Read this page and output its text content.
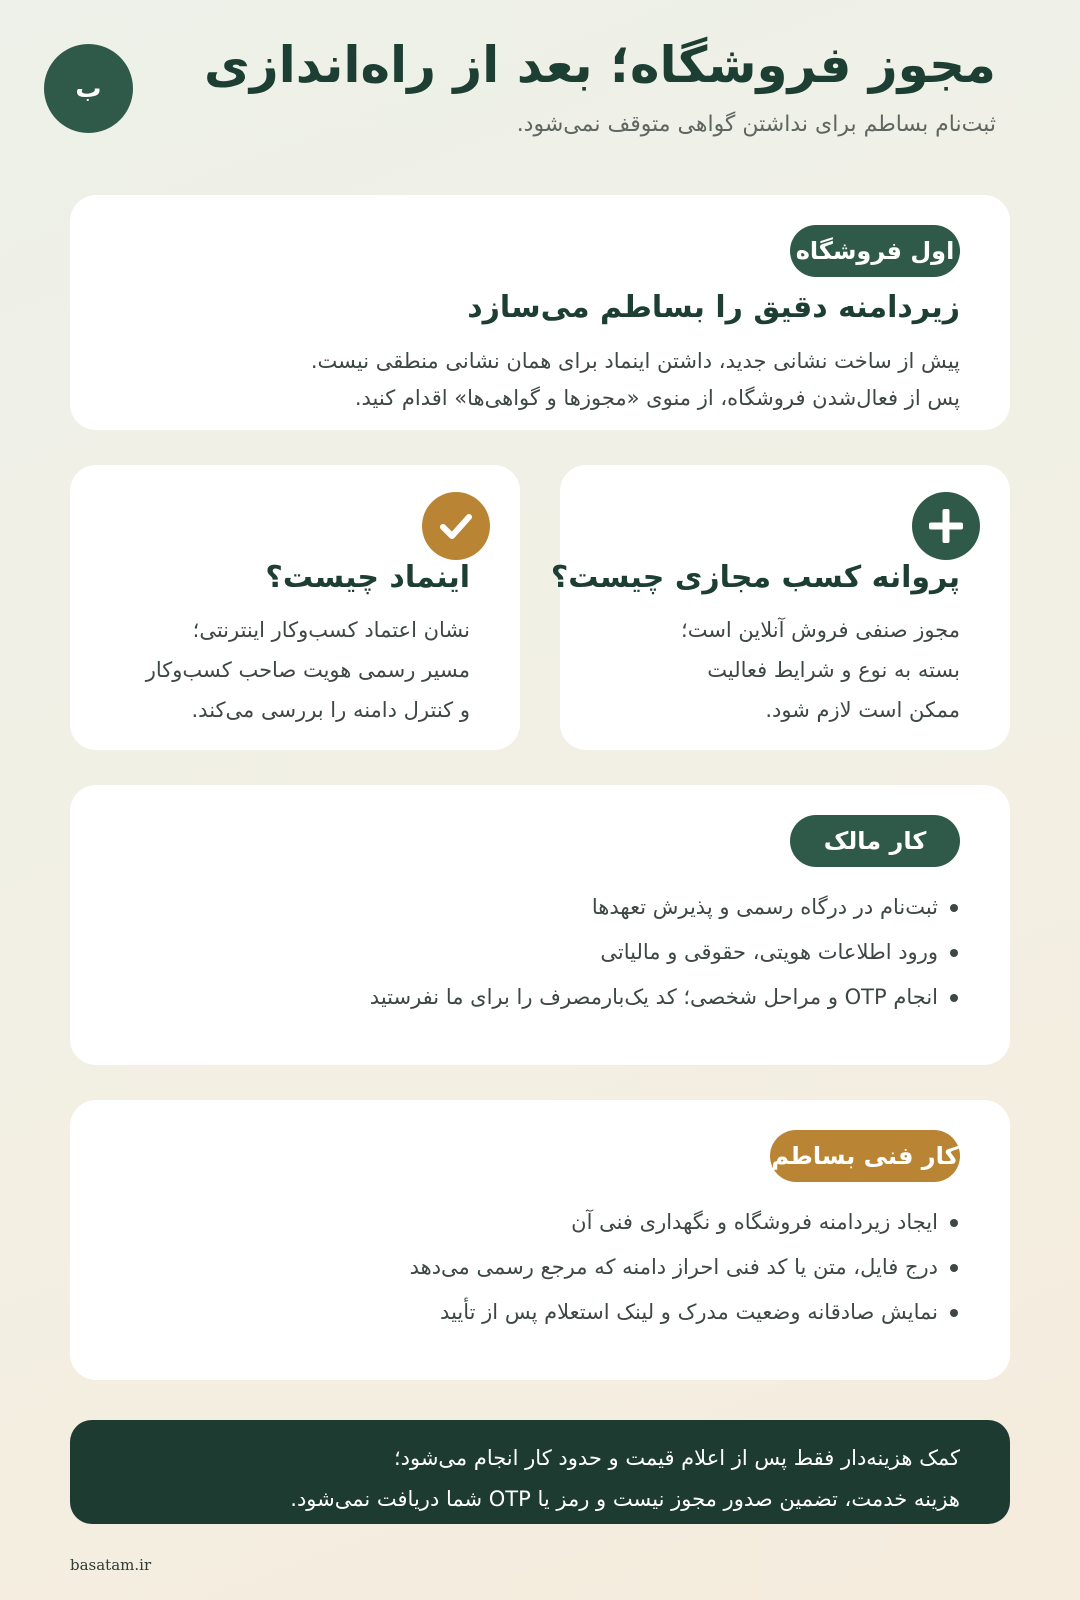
ب مجوز فروشگاه؛ بعد از راه‌اندازی
ثبت‌نام بساطم برای نداشتن گواهی متوقف نمی‌شود.
اول فروشگاه
زیردامنه دقیق را بساطم می‌سازد
پیش از ساخت نشانی جدید، داشتن اینماد برای همان نشانی منطقی نیست.
پس از فعال‌شدن فروشگاه، از منوی «مجوزها و گواهی‌ها» اقدام کنید.
پروانه کسب مجازی چیست؟
مجوز صنفی فروش آنلاین است؛
بسته به نوع و شرایط فعالیت
ممکن است لازم شود.
اینماد چیست؟
نشان اعتماد کسب‌وکار اینترنتی؛
مسیر رسمی هویت صاحب کسب‌وکار
و کنترل دامنه را بررسی می‌کند.
کار مالک
ثبت‌نام در درگاه رسمی و پذیرش تعهدها
ورود اطلاعات هویتی، حقوقی و مالیاتی
انجام OTP و مراحل شخصی؛ کد یک‌بارمصرف را برای ما نفرستید
کار فنی بساطم
ایجاد زیردامنه فروشگاه و نگهداری فنی آن
درج فایل، متن یا کد فنی احراز دامنه که مرجع رسمی می‌دهد
نمایش صادقانه وضعیت مدرک و لینک استعلام پس از تأیید

کمک هزینه‌دار فقط پس از اعلام قیمت و حدود کار انجام می‌شود؛

هزینه خدمت، تضمین صدور مجوز نیست و رمز یا OTP شما دریافت نمی‌شود.

basatam.ir
